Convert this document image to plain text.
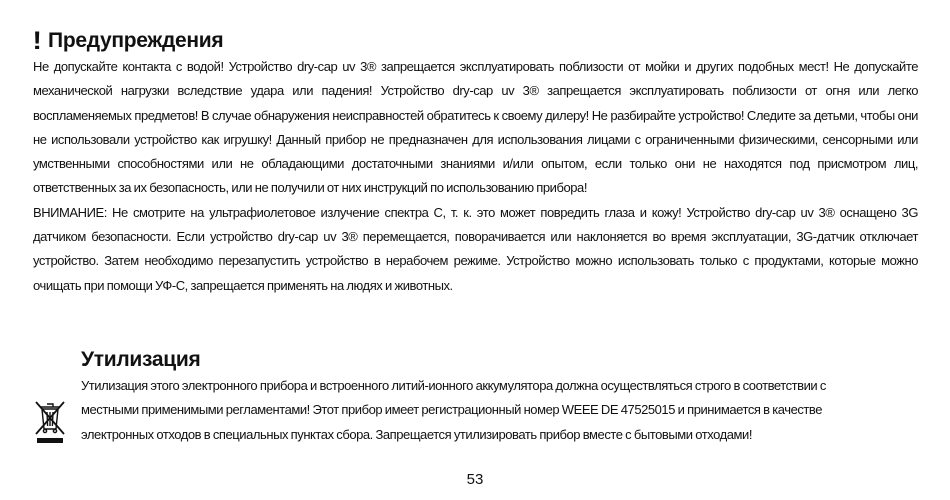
! Предупреждения

Не допускайте контакта с водой! Устройство dry-cap uv 3® запрещается эксплуатировать поблизости от мойки и других подобных мест! Не допускайте механической нагрузки вследствие удара или падения! Устройство dry-cap uv 3® запрещается эксплуатировать поблизости от огня или легко воспламеняемых предметов! В случае обнаружения неисправностей обратитесь к своему дилеру! Не разбирайте устройство! Следите за детьми, чтобы они не использовали устройство как игрушку! Данный прибор не предназначен для использования лицами с ограниченными физическими, сенсорными или умственными способностями или не обладающими достаточными знаниями и/или опытом, если только они не находятся под присмотром лиц, ответственных за их безопасность, или не получили от них инструкций по использованию прибора!

ВНИМАНИЕ: Не смотрите на ультрафиолетовое излучение спектра С, т. к. это может повредить глаза и кожу! Устройство dry-cap uv 3® оснащено 3G датчиком безопасности. Если устройство dry-cap uv 3® перемещается, поворачивается или наклоняется во время эксплуатации, 3G-датчик отключает устройство. Затем необходимо перезапустить устройство в нерабочем режиме. Устройство можно использовать только с продуктами, которые можно очищать при помощи УФ-С, запрещается применять на людях и животных.

Утилизация

Утилизация этого электронного прибора и встроенного литий-ионного аккумулятора должна осуществляться строго в соответствии с местными применимыми регламентами! Этот прибор имеет регистрационный номер WEEE DE 47525015 и принимается в качестве электронных отходов в специальных пунктах сбора. Запрещается утилизировать прибор вместе с бытовыми отходами!

53
